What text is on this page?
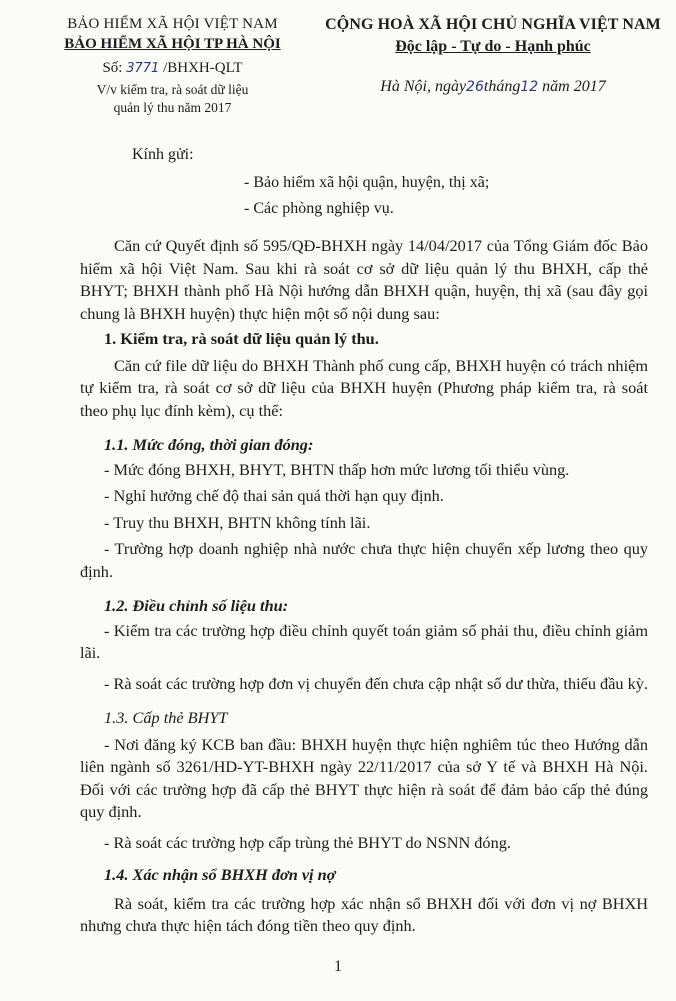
BẢO HIỂM XÃ HỘI VIỆT NAM
BẢO HIỂM XÃ HỘI TP HÀ NỘI
Số: 3771 /BHXH-QLT
V/v kiểm tra, rà soát dữ liệu
quản lý thu năm 2017
CỘNG HOÀ XÃ HỘI CHỦ NGHĨA VIỆT NAM
Độc lập - Tự do - Hạnh phúc
Hà Nội, ngày26tháng12 năm 2017
Kính gửi:
- Bảo hiểm xã hội quận, huyện, thị xã;
- Các phòng nghiệp vụ.

Căn cứ Quyết định số 595/QĐ-BHXH ngày 14/04/2017 của Tổng Giám đốc Bảo hiểm xã hội Việt Nam. Sau khi rà soát cơ sở dữ liệu quản lý thu BHXH, cấp thẻ BHYT; BHXH thành phố Hà Nội hướng dẫn BHXH quận, huyện, thị xã (sau đây gọi chung là BHXH huyện) thực hiện một số nội dung sau:

1. Kiểm tra, rà soát dữ liệu quản lý thu.

Căn cứ file dữ liệu do BHXH Thành phố cung cấp, BHXH huyện có trách nhiệm tự kiểm tra, rà soát cơ sở dữ liệu của BHXH huyện (Phương pháp kiểm tra, rà soát theo phụ lục đính kèm), cụ thể:

1.1. Mức đóng, thời gian đóng:

- Mức đóng BHXH, BHYT, BHTN thấp hơn mức lương tối thiểu vùng.

- Nghỉ hưởng chế độ thai sản quá thời hạn quy định.

- Truy thu BHXH, BHTN không tính lãi.

- Trường hợp doanh nghiệp nhà nước chưa thực hiện chuyển xếp lương theo quy định.

1.2. Điều chỉnh số liệu thu:

- Kiểm tra các trường hợp điều chỉnh quyết toán giảm số phải thu, điều chỉnh giảm lãi.

- Rà soát các trường hợp đơn vị chuyển đến chưa cập nhật số dư thừa, thiếu đầu kỳ.

1.3. Cấp thẻ BHYT

- Nơi đăng ký KCB ban đầu: BHXH huyện thực hiện nghiêm túc theo Hướng dẫn liên ngành số 3261/HD-YT-BHXH ngày 22/11/2017 của sở Y tế và BHXH Hà Nội. Đối với các trường hợp đã cấp thẻ BHYT thực hiện rà soát để đảm bảo cấp thẻ đúng quy định.

- Rà soát các trường hợp cấp trùng thẻ BHYT do NSNN đóng.

1.4. Xác nhận sổ BHXH đơn vị nợ

Rà soát, kiểm tra các trường hợp xác nhận sổ BHXH đối với đơn vị nợ BHXH nhưng chưa thực hiện tách đóng tiền theo quy định.

1
